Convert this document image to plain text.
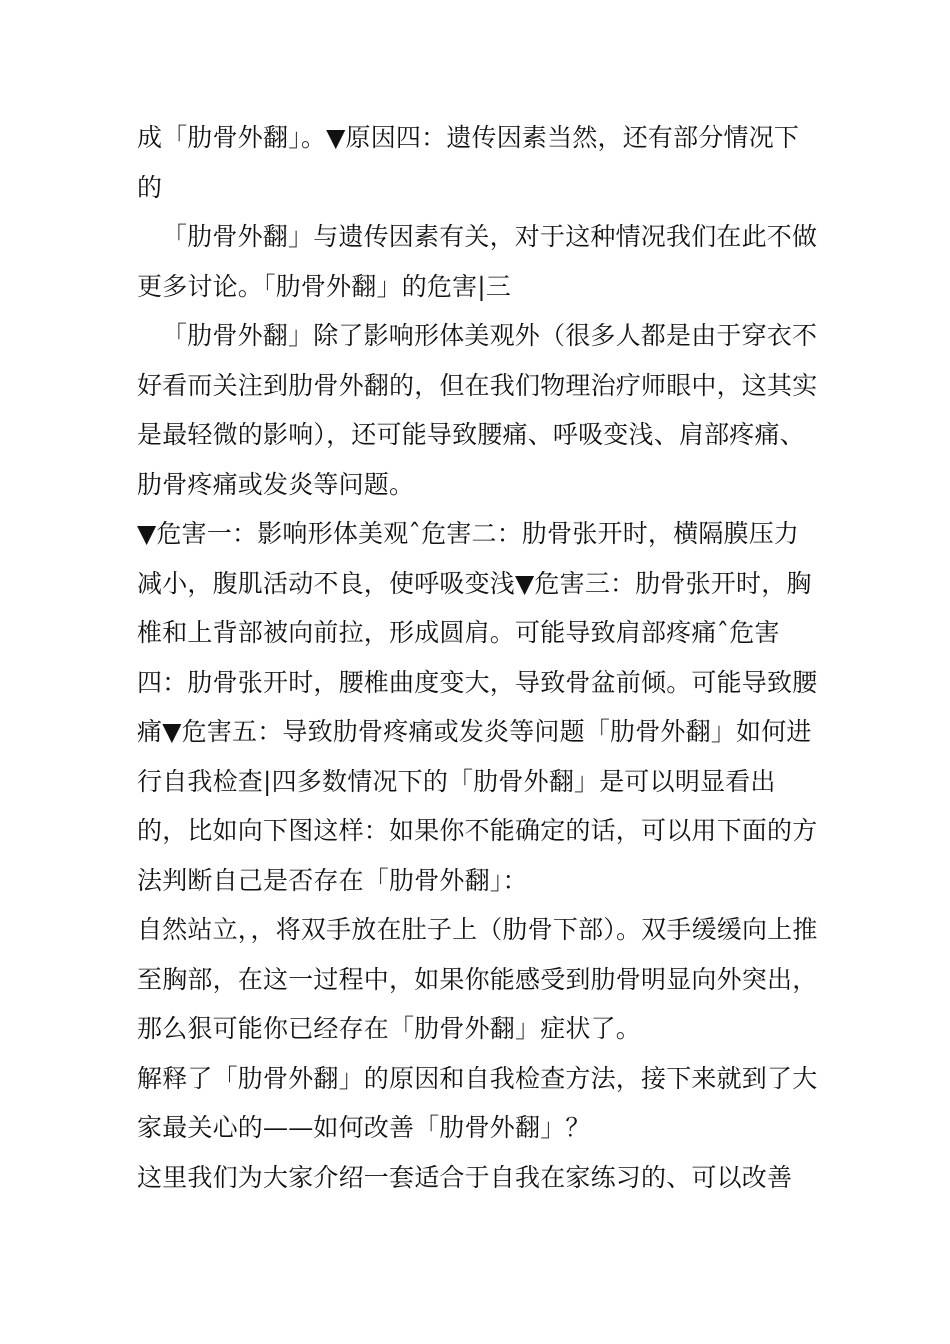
成「肋骨外翻」。▼原因四：遗传因素当然，还有部分情况下的

「肋骨外翻」与遗传因素有关，对于这种情况我们在此不做更多讨论。「肋骨外翻」的危害|三

「肋骨外翻」除了影响形体美观外（很多人都是由于穿衣不好看而关注到肋骨外翻的，但在我们物理治疗师眼中，这其实是最轻微的影响），还可能导致腰痛、呼吸变浅、肩部疼痛、肋骨疼痛或发炎等问题。

▼危害一：影响形体美观ˆ危害二：肋骨张开时，横隔膜压力减小，腹肌活动不良，使呼吸变浅▼危害三：肋骨张开时，胸椎和上背部被向前拉，形成圆肩。可能导致肩部疼痛ˆ危害四：肋骨张开时，腰椎曲度变大，导致骨盆前倾。可能导致腰痛▼危害五：导致肋骨疼痛或发炎等问题「肋骨外翻」如何进行自我检查|四多数情况下的「肋骨外翻」是可以明显看出的，比如向下图这样：如果你不能确定的话，可以用下面的方法判断自己是否存在「肋骨外翻」：

自然站立，，将双手放在肚子上（肋骨下部）。双手缓缓向上推至胸部，在这一过程中，如果你能感受到肋骨明显向外突出，那么狠可能你已经存在「肋骨外翻」症状了。

解释了「肋骨外翻」的原因和自我检查方法，接下来就到了大家最关心的——如何改善「肋骨外翻」？

这里我们为大家介绍一套适合于自我在家练习的、可以改善
